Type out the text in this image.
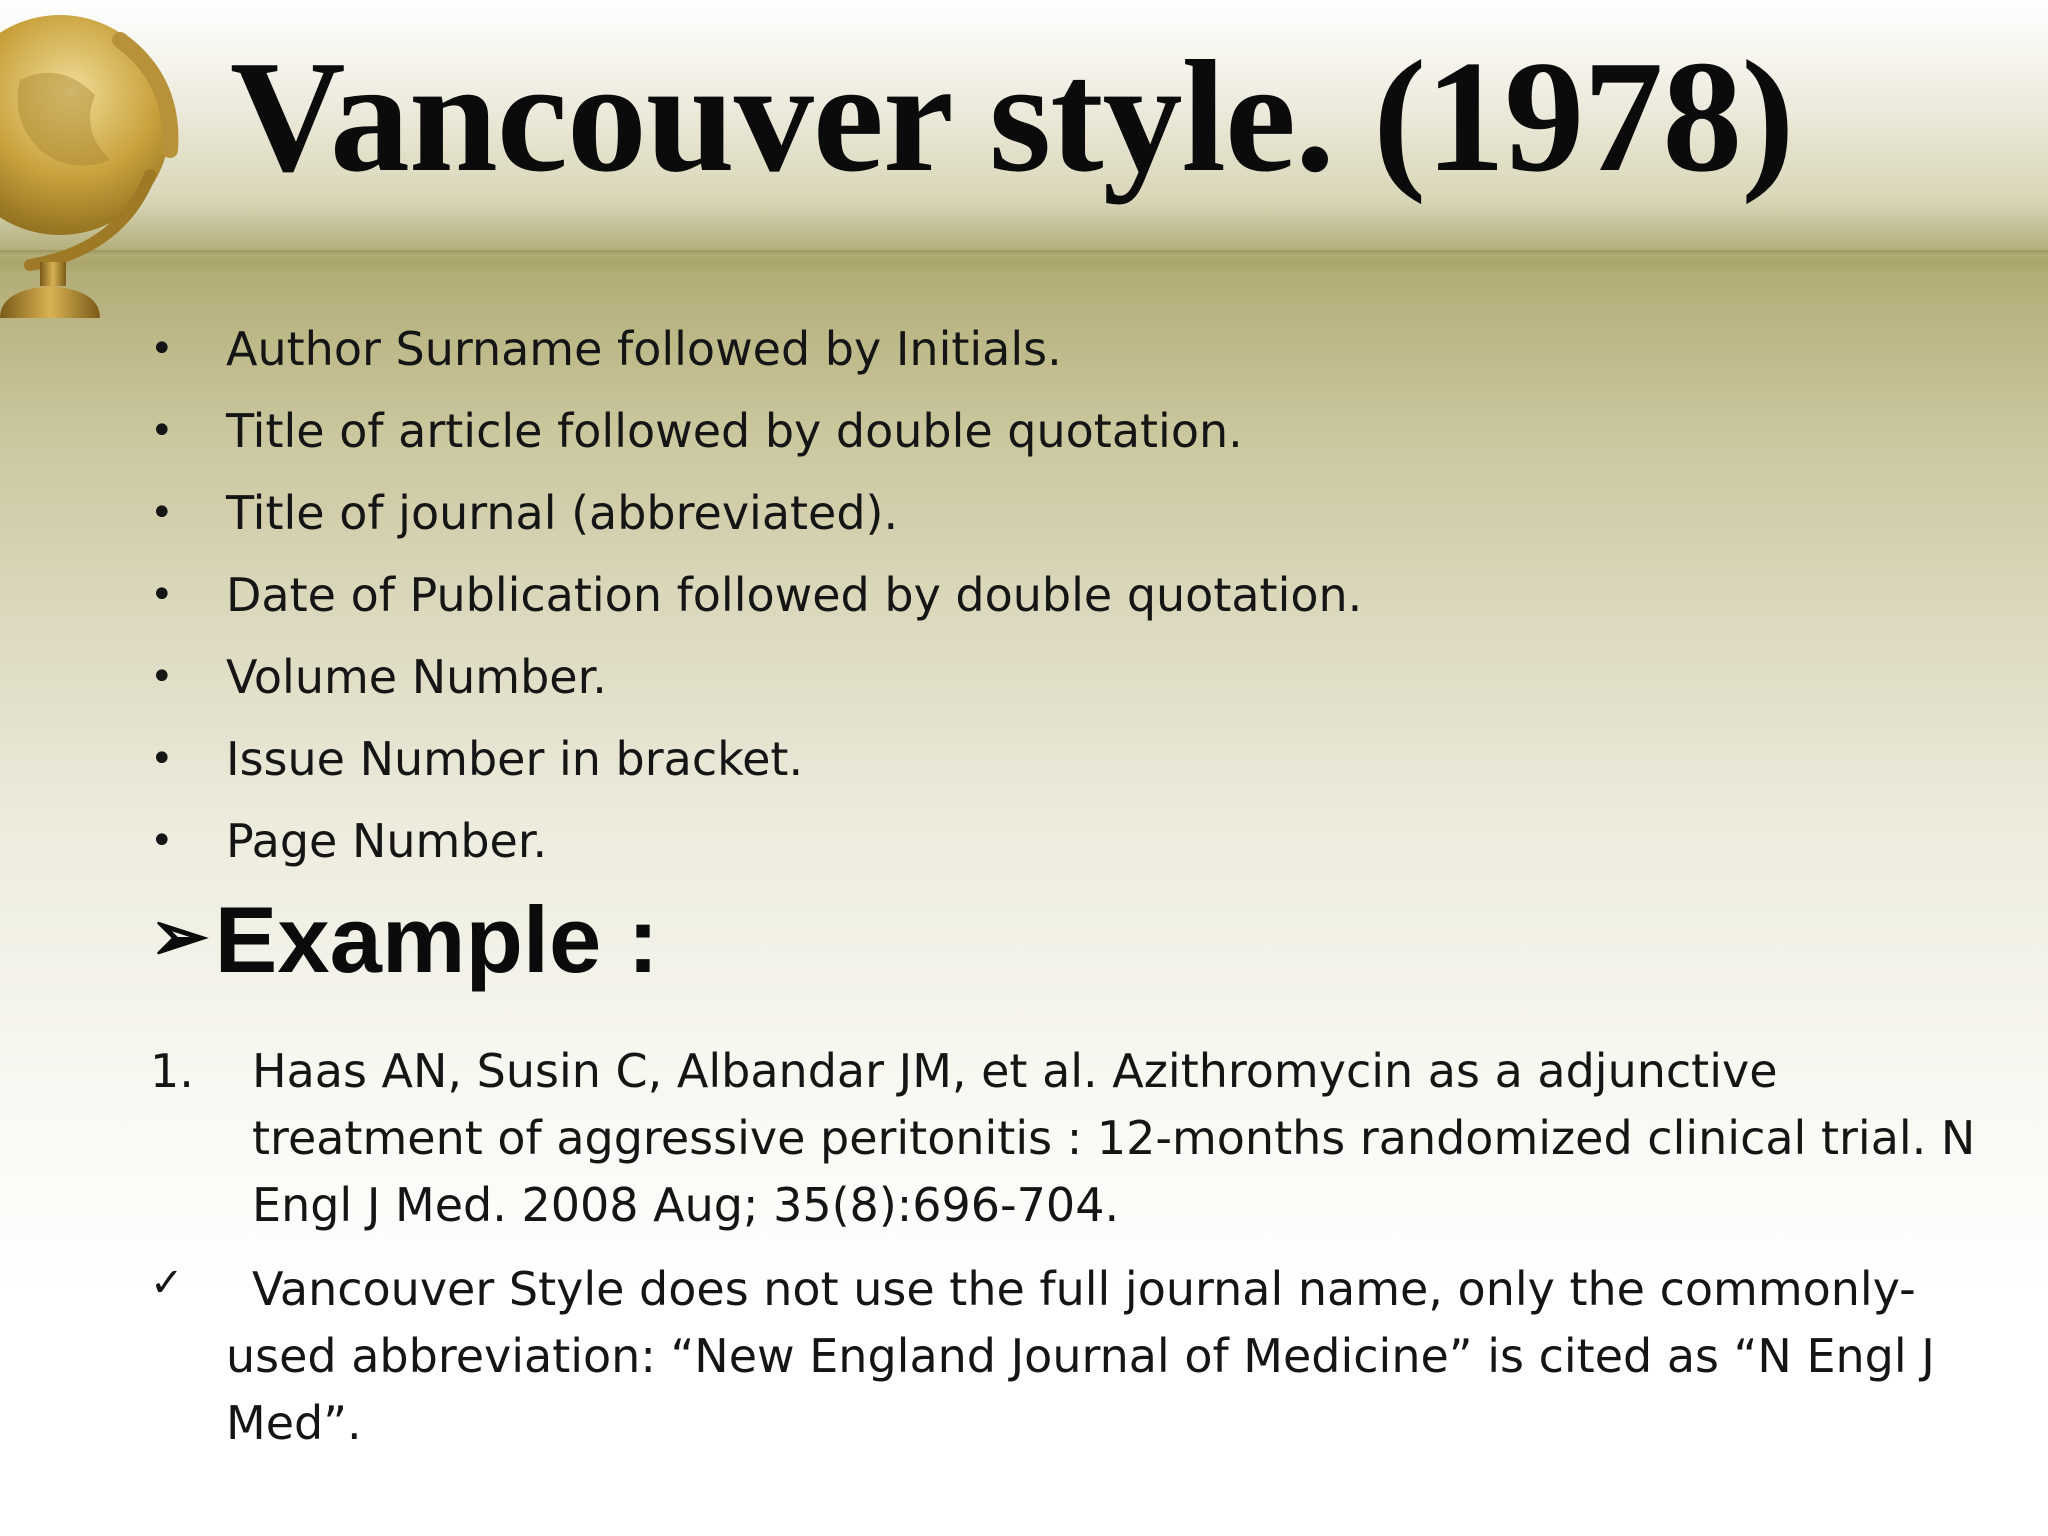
Vancouver style. (1978)
• Author Surname followed by Initials.
• Title of article followed by double quotation.
• Title of journal (abbreviated).
• Date of Publication followed by double quotation.
• Volume Number.
• Issue Number in bracket.
• Page Number.
➢Example :
1. Haas AN, Susin C, Albandar JM, et al. Azithromycin as a adjunctive treatment of aggressive peritonitis : 12-months randomized clinical trial. N Engl J Med. 2008 Aug; 35(8):696-704.
✓	Vancouver Style does not use the full journal name, only the commonly-used abbreviation: “New England Journal of Medicine” is cited as “N Engl J Med”.
